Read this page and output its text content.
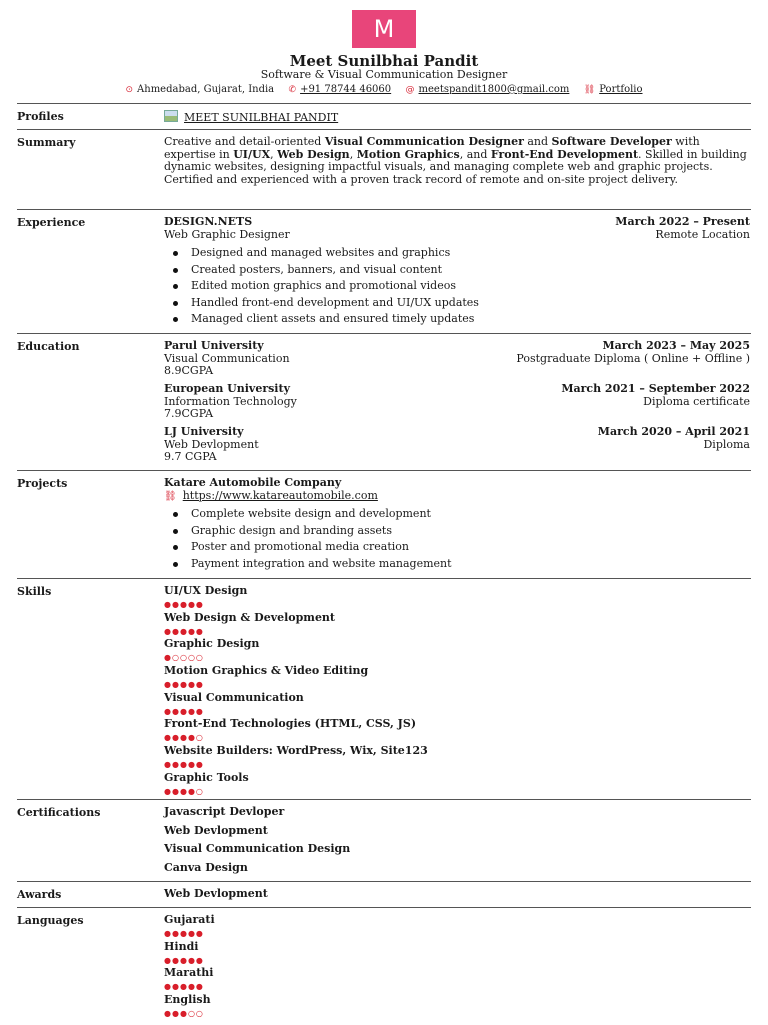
M
Meet Sunilbhai Pandit
Software & Visual Communication Designer
⊙ Ahmedabad, Gujarat, India ✆ +91 78744 46060 @ meetspandit1800@gmail.com ⛓ Portfolio
Profiles	MEET SUNILBHAI PANDIT
Summary	Creative and detail-oriented Visual Communication Designer and Software Developer with expertise in UI/UX, Web Design, Motion Graphics, and Front-End Development. Skilled in building dynamic websites, designing impactful visuals, and managing complete web and graphic projects. Certified and experienced with a proven track record of remote and on-site project delivery.
Experience	DESIGN.NETS	March 2022 – Present
Web Graphic Designer	Remote Location
Designed and managed websites and graphics
Created posters, banners, and visual content
Edited motion graphics and promotional videos
Handled front-end development and UI/UX updates
Managed client assets and ensured timely updates
Education	Parul University	March 2023 – May 2025
Visual Communication	Postgraduate Diploma ( Online + Offline )
8.9CGPA
European University	March 2021 – September 2022
Information Technology	Diploma certificate
7.9CGPA
LJ University	March 2020 – April 2021
Web Devlopment	Diploma
9.7 CGPA
Projects	Katare Automobile Company
⛓ https://www.katareautomobile.com
Complete website design and development
Graphic design and branding assets
Poster and promotional media creation
Payment integration and website management
Skills	UI/UX Design
●●●●●
Web Design & Development
●●●●●
Graphic Design
●○○○○
Motion Graphics & Video Editing
●●●●●
Visual Communication
●●●●●
Front-End Technologies (HTML, CSS, JS)
●●●●○
Website Builders: WordPress, Wix, Site123
●●●●●
Graphic Tools
●●●●○
Certifications	Javascript Devloper
Web Devlopment
Visual Communication Design
Canva Design
Awards	Web Devlopment
Languages	Gujarati
●●●●●
Hindi
●●●●●
Marathi
●●●●●
English
●●●○○
